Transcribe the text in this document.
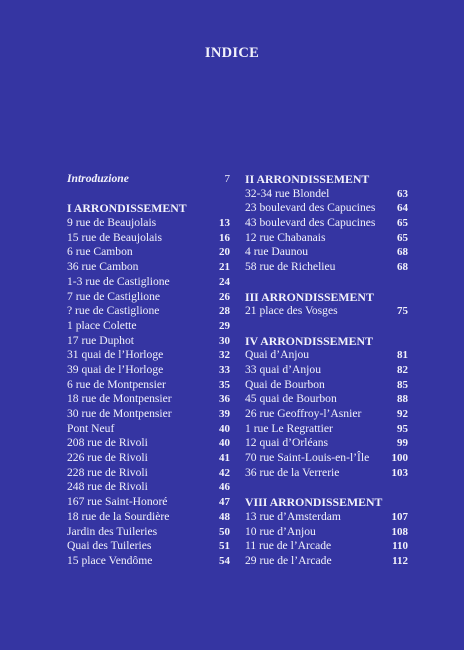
INDICE
Introduzione	7
I ARRONDISSEMENT
9 rue de Beaujolais	13
15 rue de Beaujolais	16
6 rue Cambon	20
36 rue Cambon	21
1-3 rue de Castiglione	24
7 rue de Castiglione	26
? rue de Castiglione	28
1 place Colette	29
17 rue Duphot	30
31 quai de l’Horloge	32
39 quai de l’Horloge	33
6 rue de Montpensier	35
18 rue de Montpensier	36
30 rue de Montpensier	39
Pont Neuf	40
208 rue de Rivoli	40
226 rue de Rivoli	41
228 rue de Rivoli	42
248 rue de Rivoli	46
167 rue Saint-Honoré	47
18 rue de la Sourdière	48
Jardin des Tuileries	50
Quai des Tuileries	51
15 place Vendôme	54
II ARRONDISSEMENT
32-34 rue Blondel	63
23 boulevard des Capucines 64
43 boulevard des Capucines 65
12 rue Chabanais	65
4 rue Daunou	68
58 rue de Richelieu	68
III ARRONDISSEMENT
21 place des Vosges	75
IV ARRONDISSEMENT
Quai d’Anjou	81
33 quai d’Anjou	82
Quai de Bourbon	85
45 quai de Bourbon	88
26 rue Geoffroy-l’Asnier	92
1 rue Le Regrattier	95
12 quai d’Orléans	99
70 rue Saint-Louis-en-l’Île 100
36 rue de la Verrerie	103
VIII ARRONDISSEMENT
13 rue d’Amsterdam	107
10 rue d’Anjou	108
11 rue de l’Arcade	110
29 rue de l’Arcade	112
